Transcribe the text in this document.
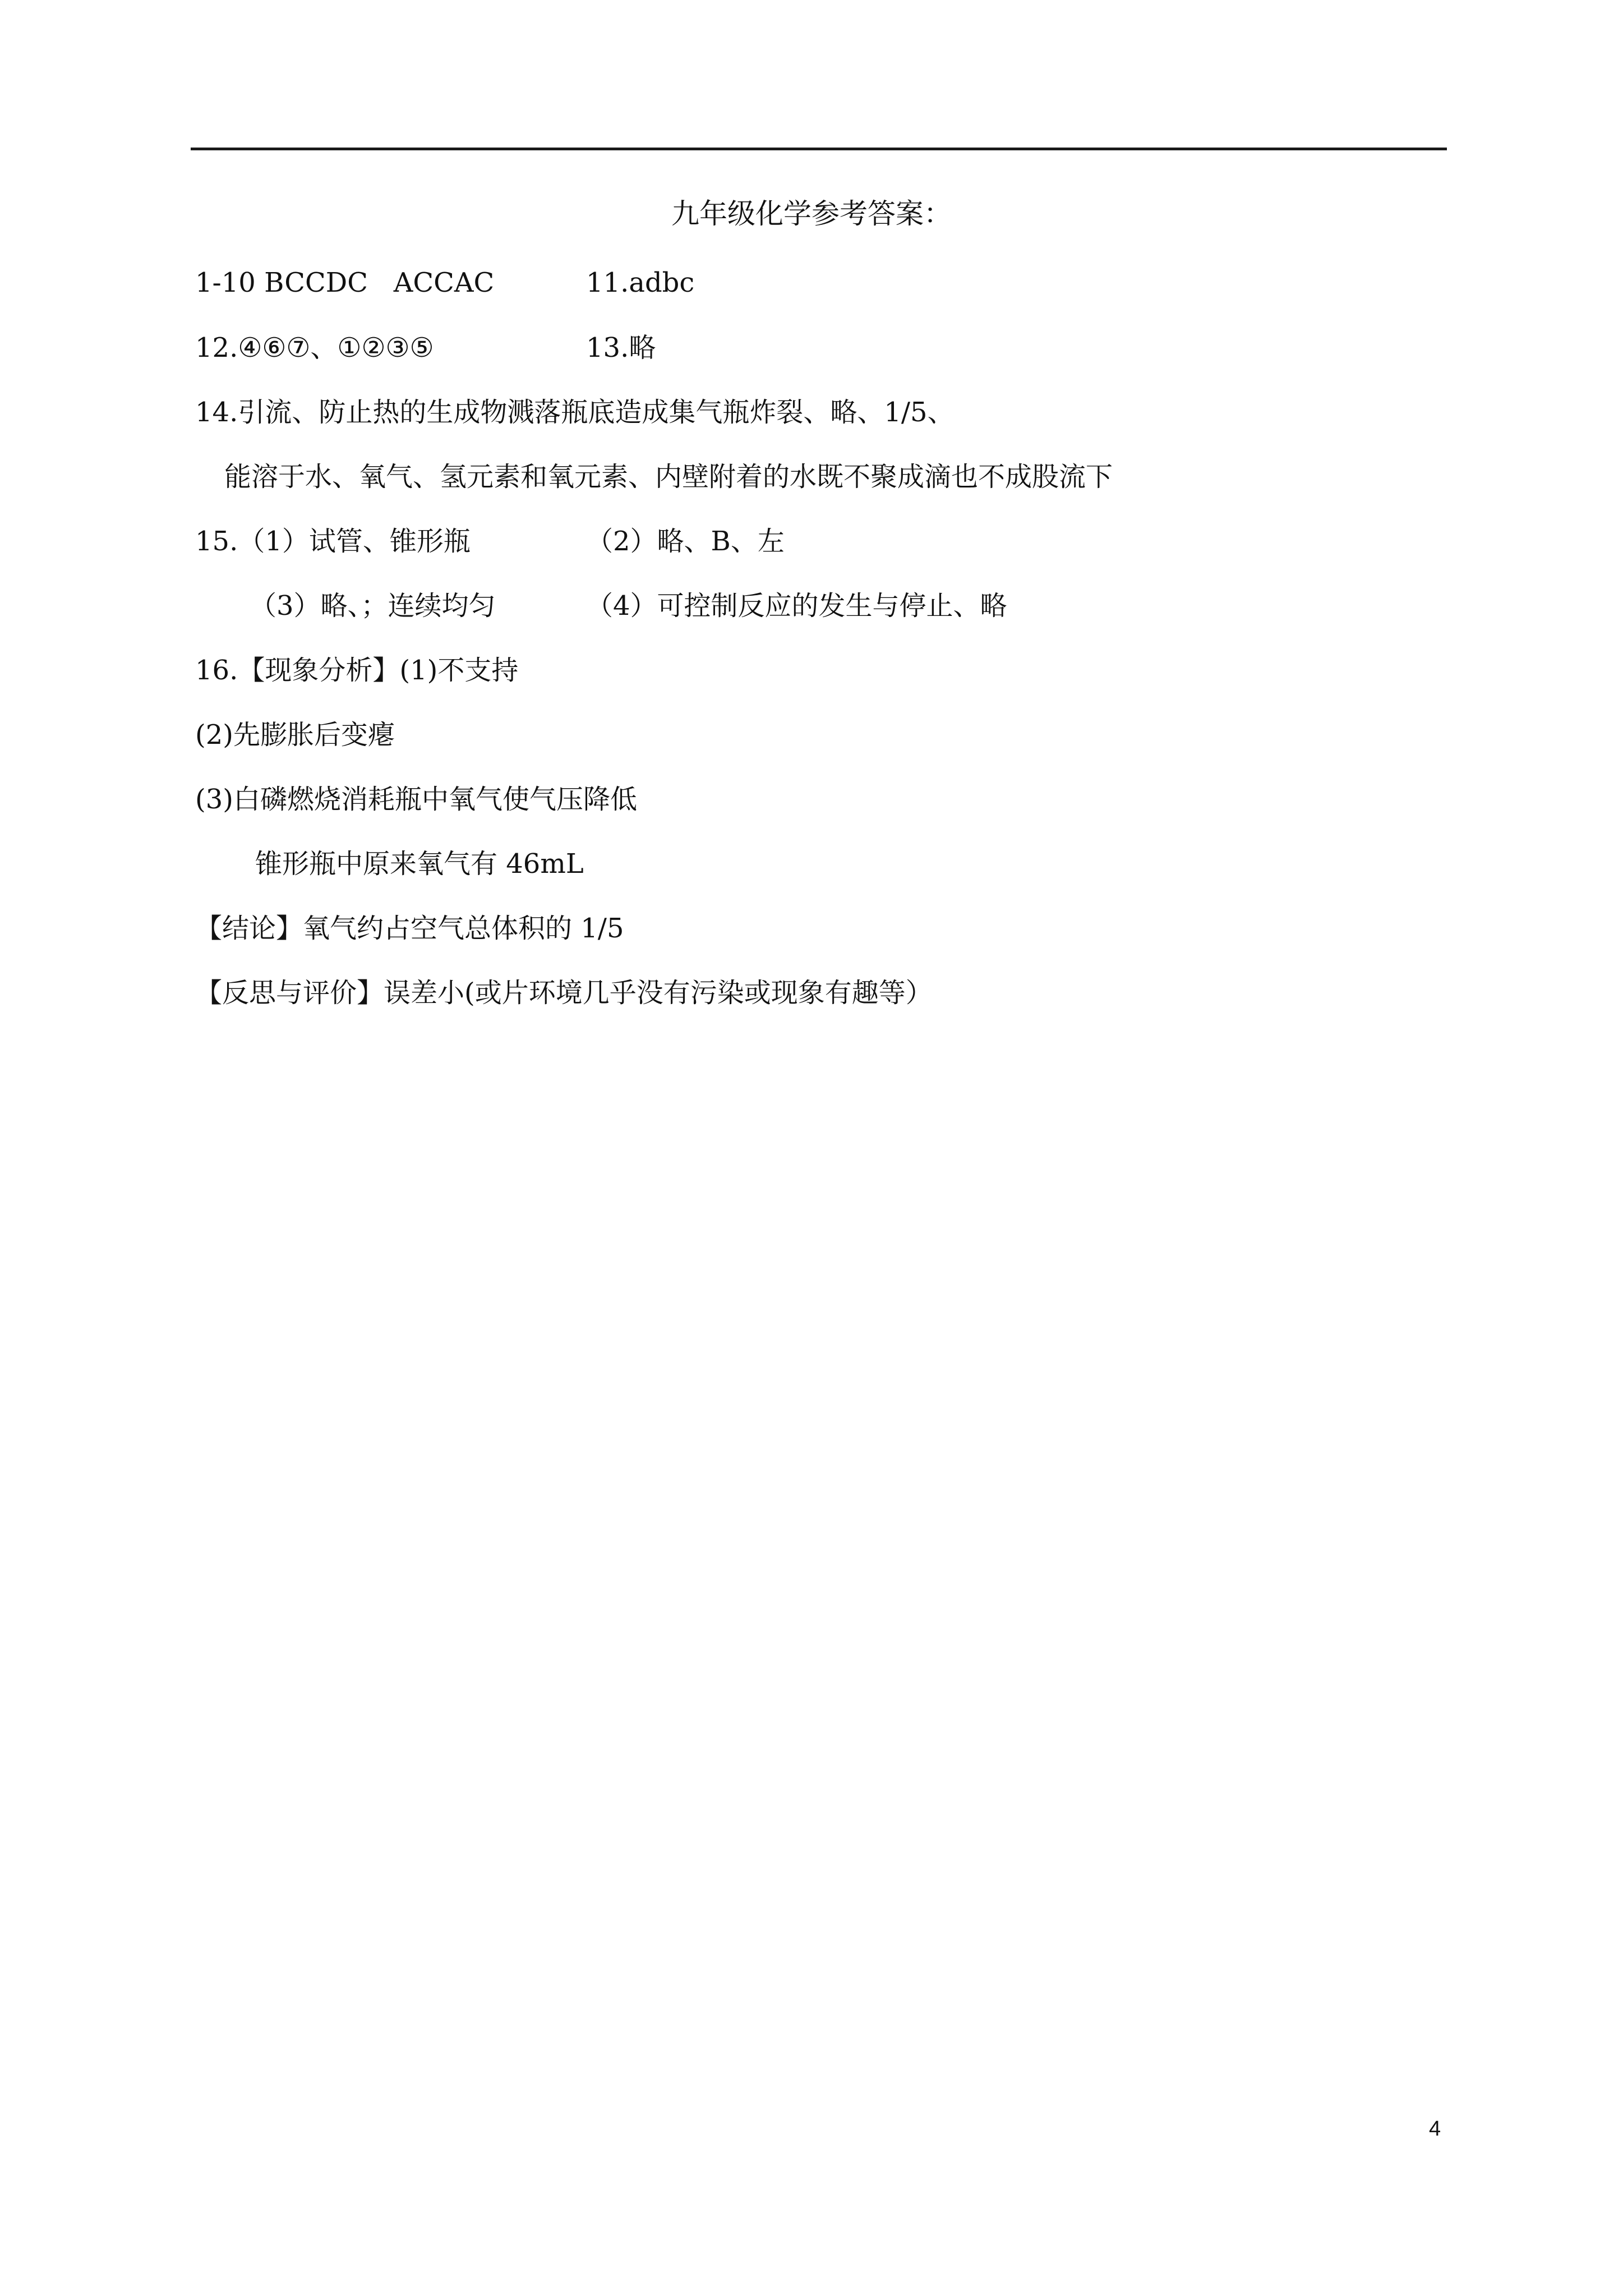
九年级化学参考答案：
1-10 BCCDC   ACCAC	11.adbc
12.④⑥⑦、①②③⑤	13.略
14.引流、防止热的生成物溅落瓶底造成集气瓶炸裂、略、1/5、
能溶于水、氧气、氢元素和氧元素、内壁附着的水既不聚成滴也不成股流下
15.（1）试管、锥形瓶	（2）略、B、左
（3）略、；连续均匀	（4）可控制反应的发生与停止、略
16.【现象分析】(1)不支持
(2)先膨胀后变瘪
(3)白磷燃烧消耗瓶中氧气使气压降低
锥形瓶中原来氧气有 46mL
【结论】氧气约占空气总体积的 1/5
【反思与评价】误差小(或片环境几乎没有污染或现象有趣等）
4
